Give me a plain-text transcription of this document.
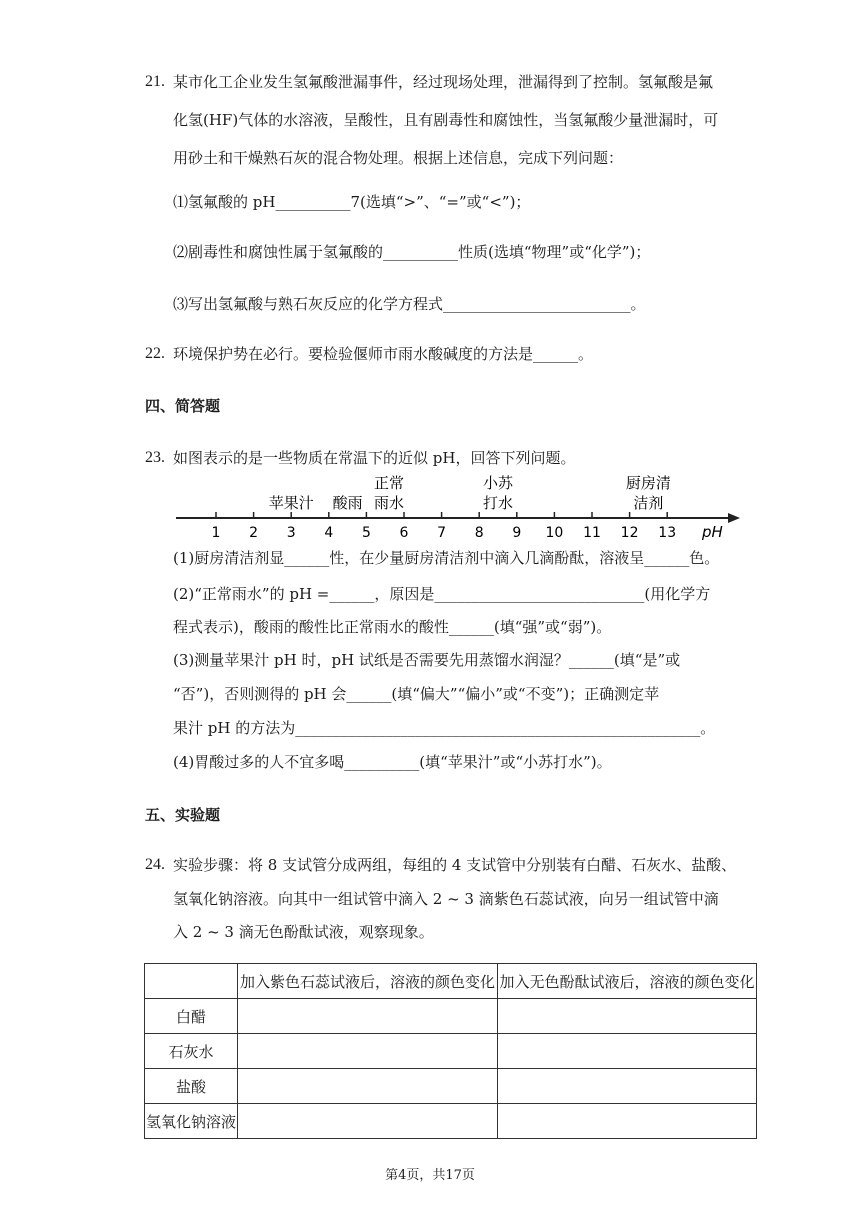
21. 某市化工企业发生氢氟酸泄漏事件，经过现场处理，泄漏得到了控制。氢氟酸是氟
化氢(HF)气体的水溶液，呈酸性，且有剧毒性和腐蚀性，当氢氟酸少量泄漏时，可
用砂土和干燥熟石灰的混合物处理。根据上述信息，完成下列问题：
⑴氢氟酸的 pH__________7(选填“>”、“=”或“<”)；
⑵剧毒性和腐蚀性属于氢氟酸的__________性质(选填“物理”或“化学”)；
⑶写出氢氟酸与熟石灰反应的化学方程式_________________________。
22. 环境保护势在必行。要检验偃师市雨水酸碱度的方法是______。
四、简答题
23. 如图表示的是一些物质在常温下的近似 pH，回答下列问题。
pH
1 2 3 4 5 6 7 8 9 10 11 12 13
苹果汁 酸雨
正常
雨水
小苏
打水
厨房清
洁剂
(1)厨房清洁剂显______性，在少量厨房清洁剂中滴入几滴酚酞，溶液呈______色。
(2)“正常雨水”的 pH =______，原因是____________________________(用化学方
程式表示)，酸雨的酸性比正常雨水的酸性______(填“强”或“弱”)。
(3)测量苹果汁 pH 时，pH 试纸是否需要先用蒸馏水润湿？______(填“是”或
“否”)，否则测得的 pH 会______(填“偏大”“偏小”或“不变”)；正确测定苹
果汁 pH 的方法为______________________________________________________。
(4)胃酸过多的人不宜多喝__________(填“苹果汁”或“小苏打水”)。
五、实验题
24. 实验步骤：将 8 支试管分成两组，每组的 4 支试管中分别装有白醋、石灰水、盐酸、
氢氧化钠溶液。向其中一组试管中滴入 2 ~ 3 滴紫色石蕊试液，向另一组试管中滴
入 2 ~ 3 滴无色酚酞试液，观察现象。
	加入紫色石蕊试液后，溶液的颜色变化	加入无色酚酞试液后，溶液的颜色变化
白醋		
石灰水		
盐酸		
氢氧化钠溶液		
第4页，共17页
